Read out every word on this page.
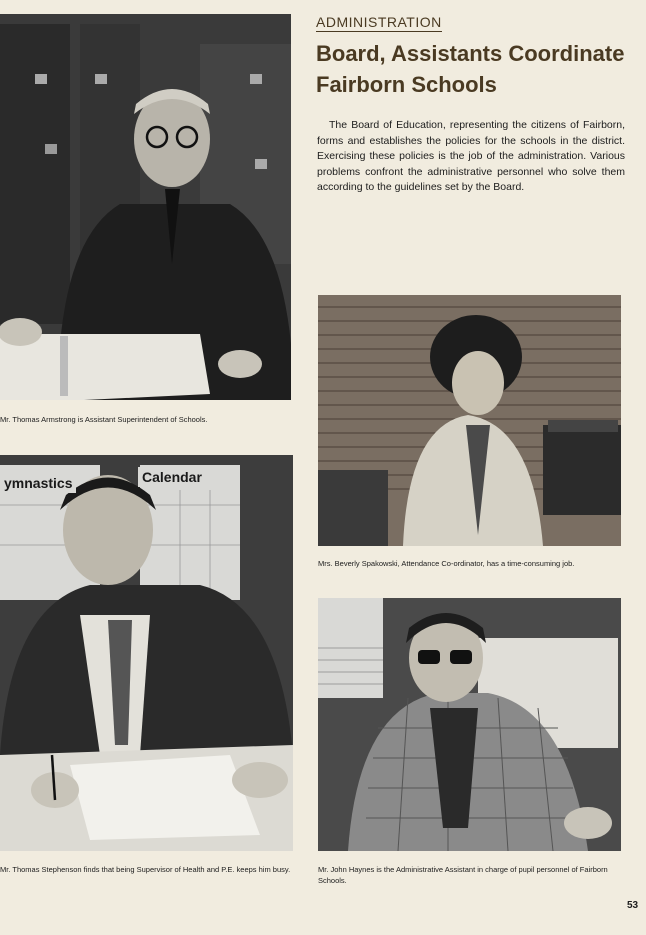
ADMINISTRATION
Board, Assistants Coordinate
Fairborn Schools

The Board of Education, representing the citizens of Fairborn, forms and establishes the policies for the schools in the district. Exercising these policies is the job of the administration. Various problems confront the administrative personnel who solve them according to the guidelines set by the Board.

Mr. Thomas Armstrong is Assistant Superintendent of Schools.
Mrs. Beverly Spakowski, Attendance Co-ordinator, has a time-consuming job.
ymnastics	Calendar
Mr. Thomas Stephenson finds that being Supervisor of Health and P.E. keeps him busy.	Mr. John Haynes is the Administrative Assistant in charge of pupil personnel of Fairborn Schools.
53
